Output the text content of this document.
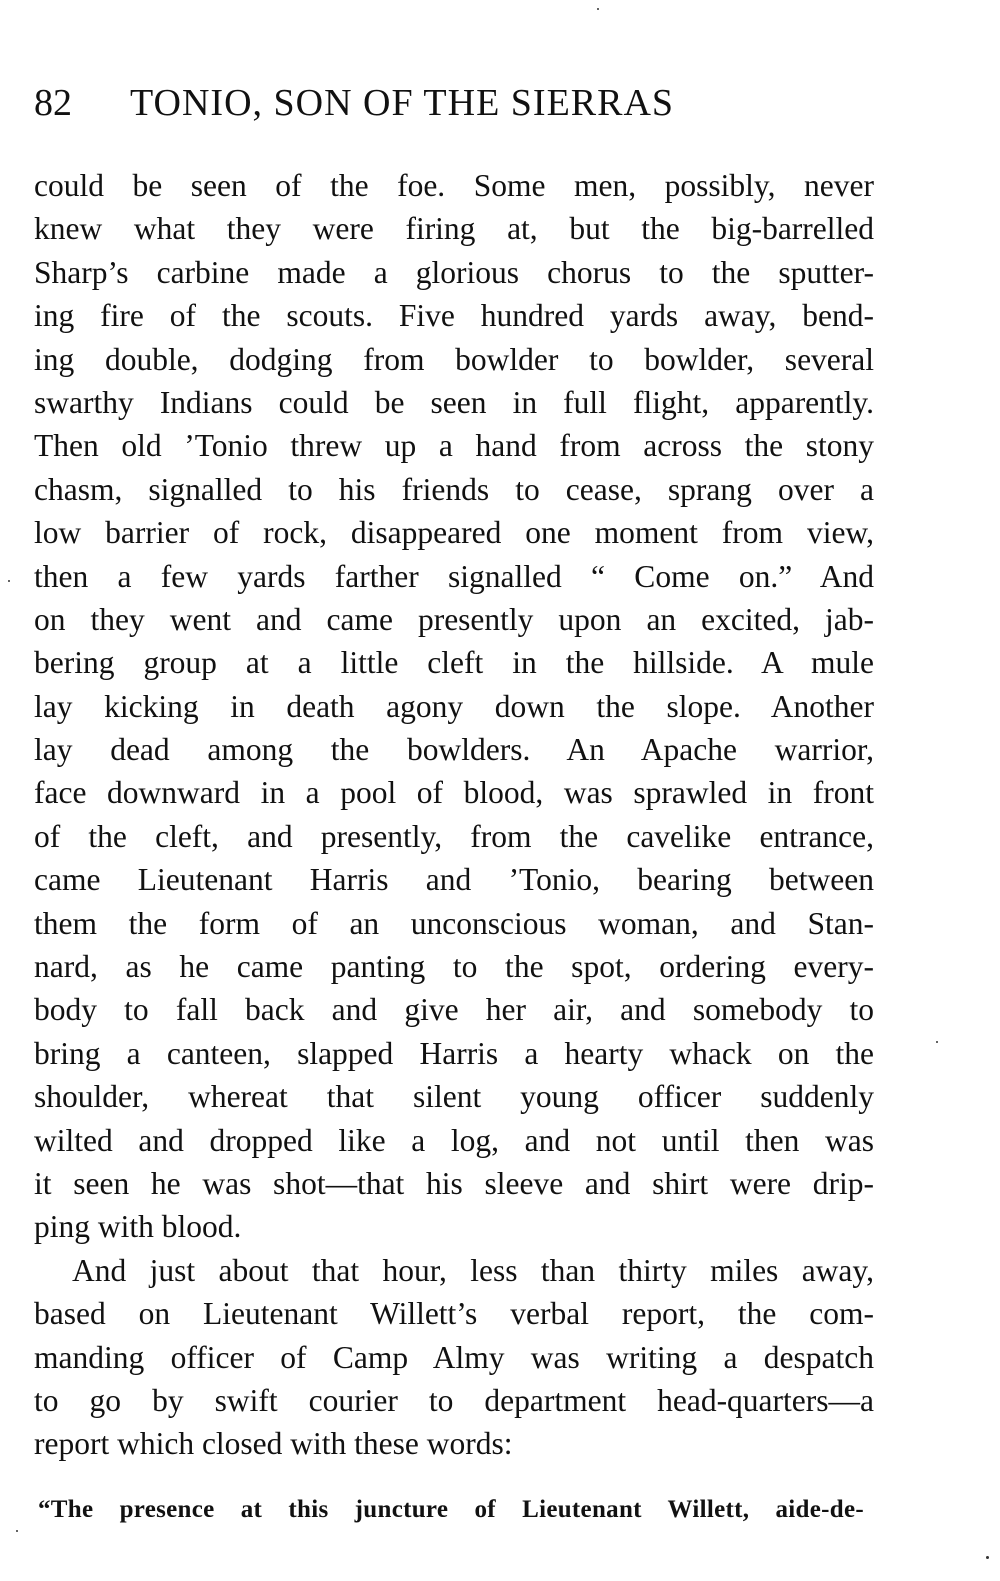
82 TONIO, SON OF THE SIERRAS
could be seen of the foe. Some men, possibly, never
knew what they were firing at, but the big-barrelled
Sharp’s carbine made a glorious chorus to the sputter-
ing fire of the scouts. Five hundred yards away, bend-
ing double, dodging from bowlder to bowlder, several
swarthy Indians could be seen in full flight, apparently.
Then old ’Tonio threw up a hand from across the stony
chasm, signalled to his friends to cease, sprang over a
low barrier of rock, disappeared one moment from view,
then a few yards farther signalled “ Come on.” And
on they went and came presently upon an excited, jab-
bering group at a little cleft in the hillside. A mule
lay kicking in death agony down the slope. Another
lay dead among the bowlders. An Apache warrior,
face downward in a pool of blood, was sprawled in front
of the cleft, and presently, from the cavelike entrance,
came Lieutenant Harris and ’Tonio, bearing between
them the form of an unconscious woman, and Stan-
nard, as he came panting to the spot, ordering every-
body to fall back and give her air, and somebody to
bring a canteen, slapped Harris a hearty whack on the
shoulder, whereat that silent young officer suddenly
wilted and dropped like a log, and not until then was
it seen he was shot—that his sleeve and shirt were drip-
ping with blood.
And just about that hour, less than thirty miles away,
based on Lieutenant Willett’s verbal report, the com-
manding officer of Camp Almy was writing a despatch
to go by swift courier to department head-quarters—a
report which closed with these words:
“The presence at this juncture of Lieutenant Willett, aide-de-
